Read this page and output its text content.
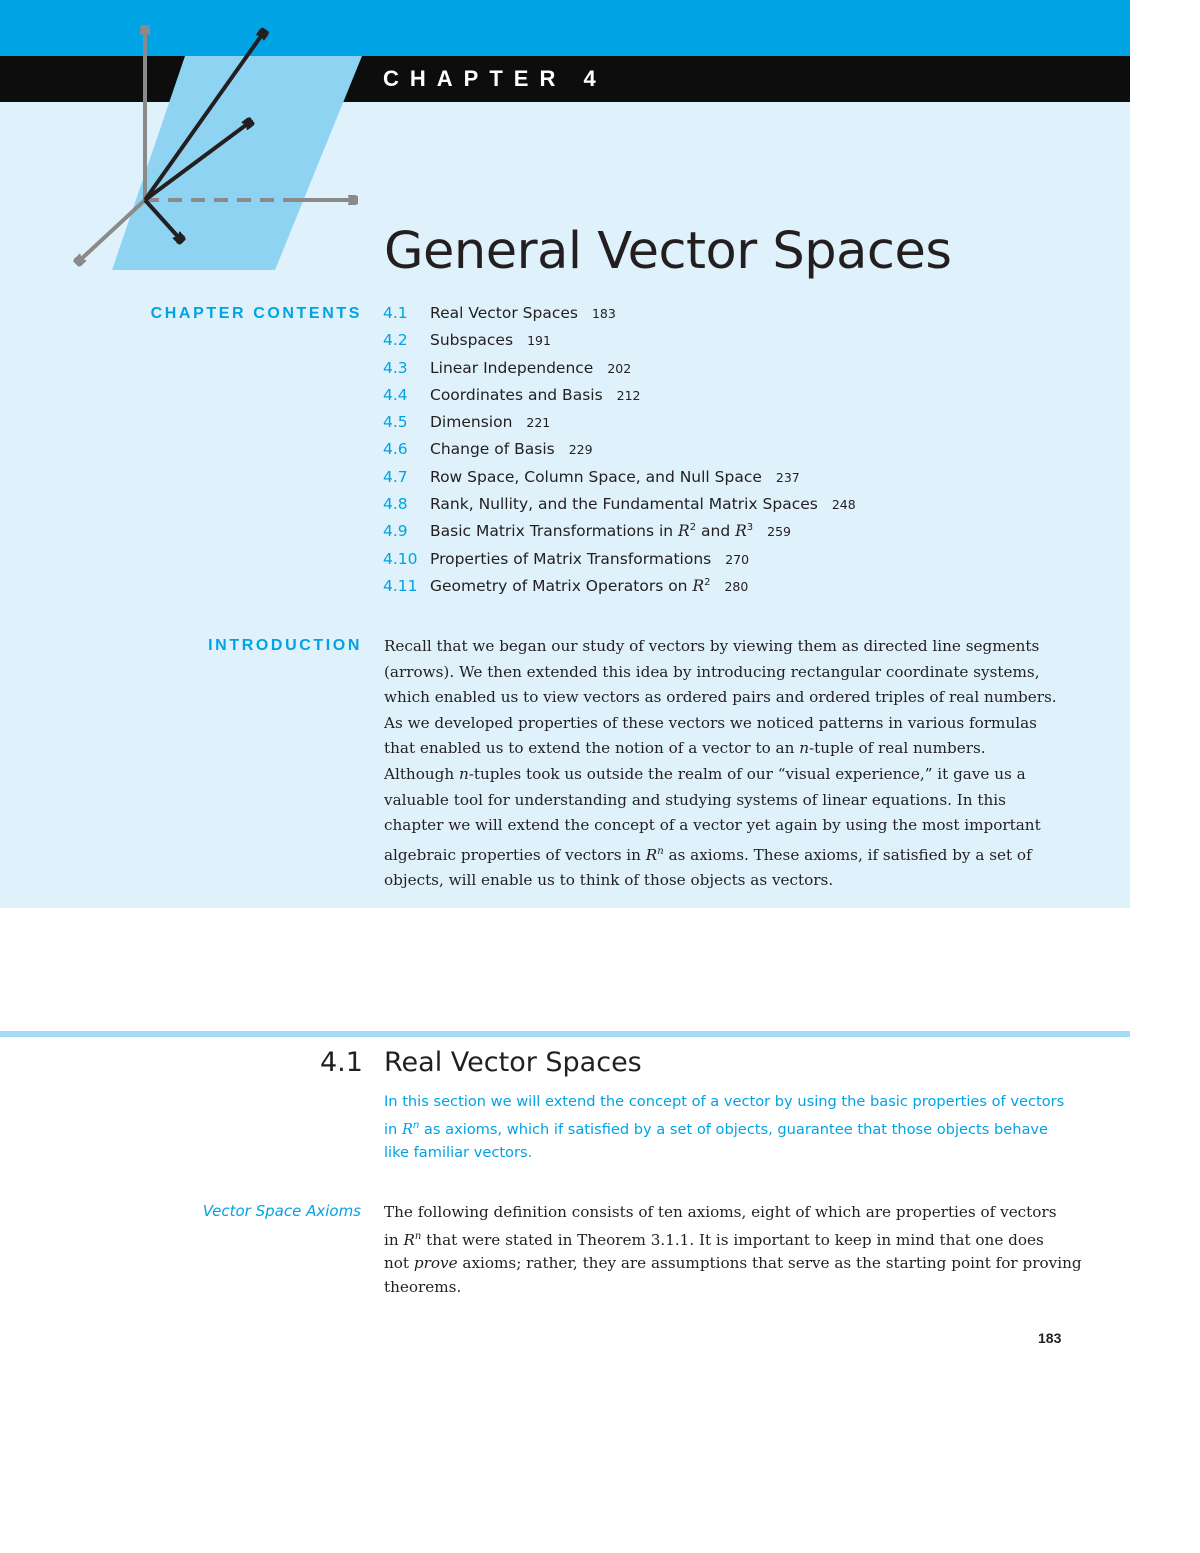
CHAPTER 4
General Vector Spaces
CHAPTER CONTENTS 4.1	Real Vector Spaces 183
4.2	Subspaces 191
4.3	Linear Independence 202
4.4	Coordinates and Basis 212
4.5	Dimension 221
4.6	Change of Basis 229
4.7	Row Space, Column Space, and Null Space 237
4.8	Rank, Nullity, and the Fundamental Matrix Spaces 248
4.9	Basic Matrix Transformations in $R^2$ and $R^3$ 259
4.10 Properties of Matrix Transformations 270
4.11 Geometry of Matrix Operators on $R^2$ 280
INTRODUCTION Recall that we began our study of vectors by viewing them as directed line segments
(arrows). We then extended this idea by introducing rectangular coordinate systems,
which enabled us to view vectors as ordered pairs and ordered triples of real numbers.
As we developed properties of these vectors we noticed patterns in various formulas
that enabled us to extend the notion of a vector to an n-tuple of real numbers.
Although n-tuples took us outside the realm of our “visual experience,” it gave us a
valuable tool for understanding and studying systems of linear equations. In this
chapter we will extend the concept of a vector yet again by using the most important
algebraic properties of vectors in $R^n$ as axioms. These axioms, if satisfied by a set of
objects, will enable us to think of those objects as vectors.

4.1 Real Vector Spaces

In this section we will extend the concept of a vector by using the basic properties of vectors
in $R^n$ as axioms, which if satisfied by a set of objects, guarantee that those objects behave
like familiar vectors.

Vector Space Axioms The following definition consists of ten axioms, eight of which are properties of vectors
in $R^n$ that were stated in Theorem 3.1.1. It is important to keep in mind that one does
not prove axioms; rather, they are assumptions that serve as the starting point for proving
theorems.

183
